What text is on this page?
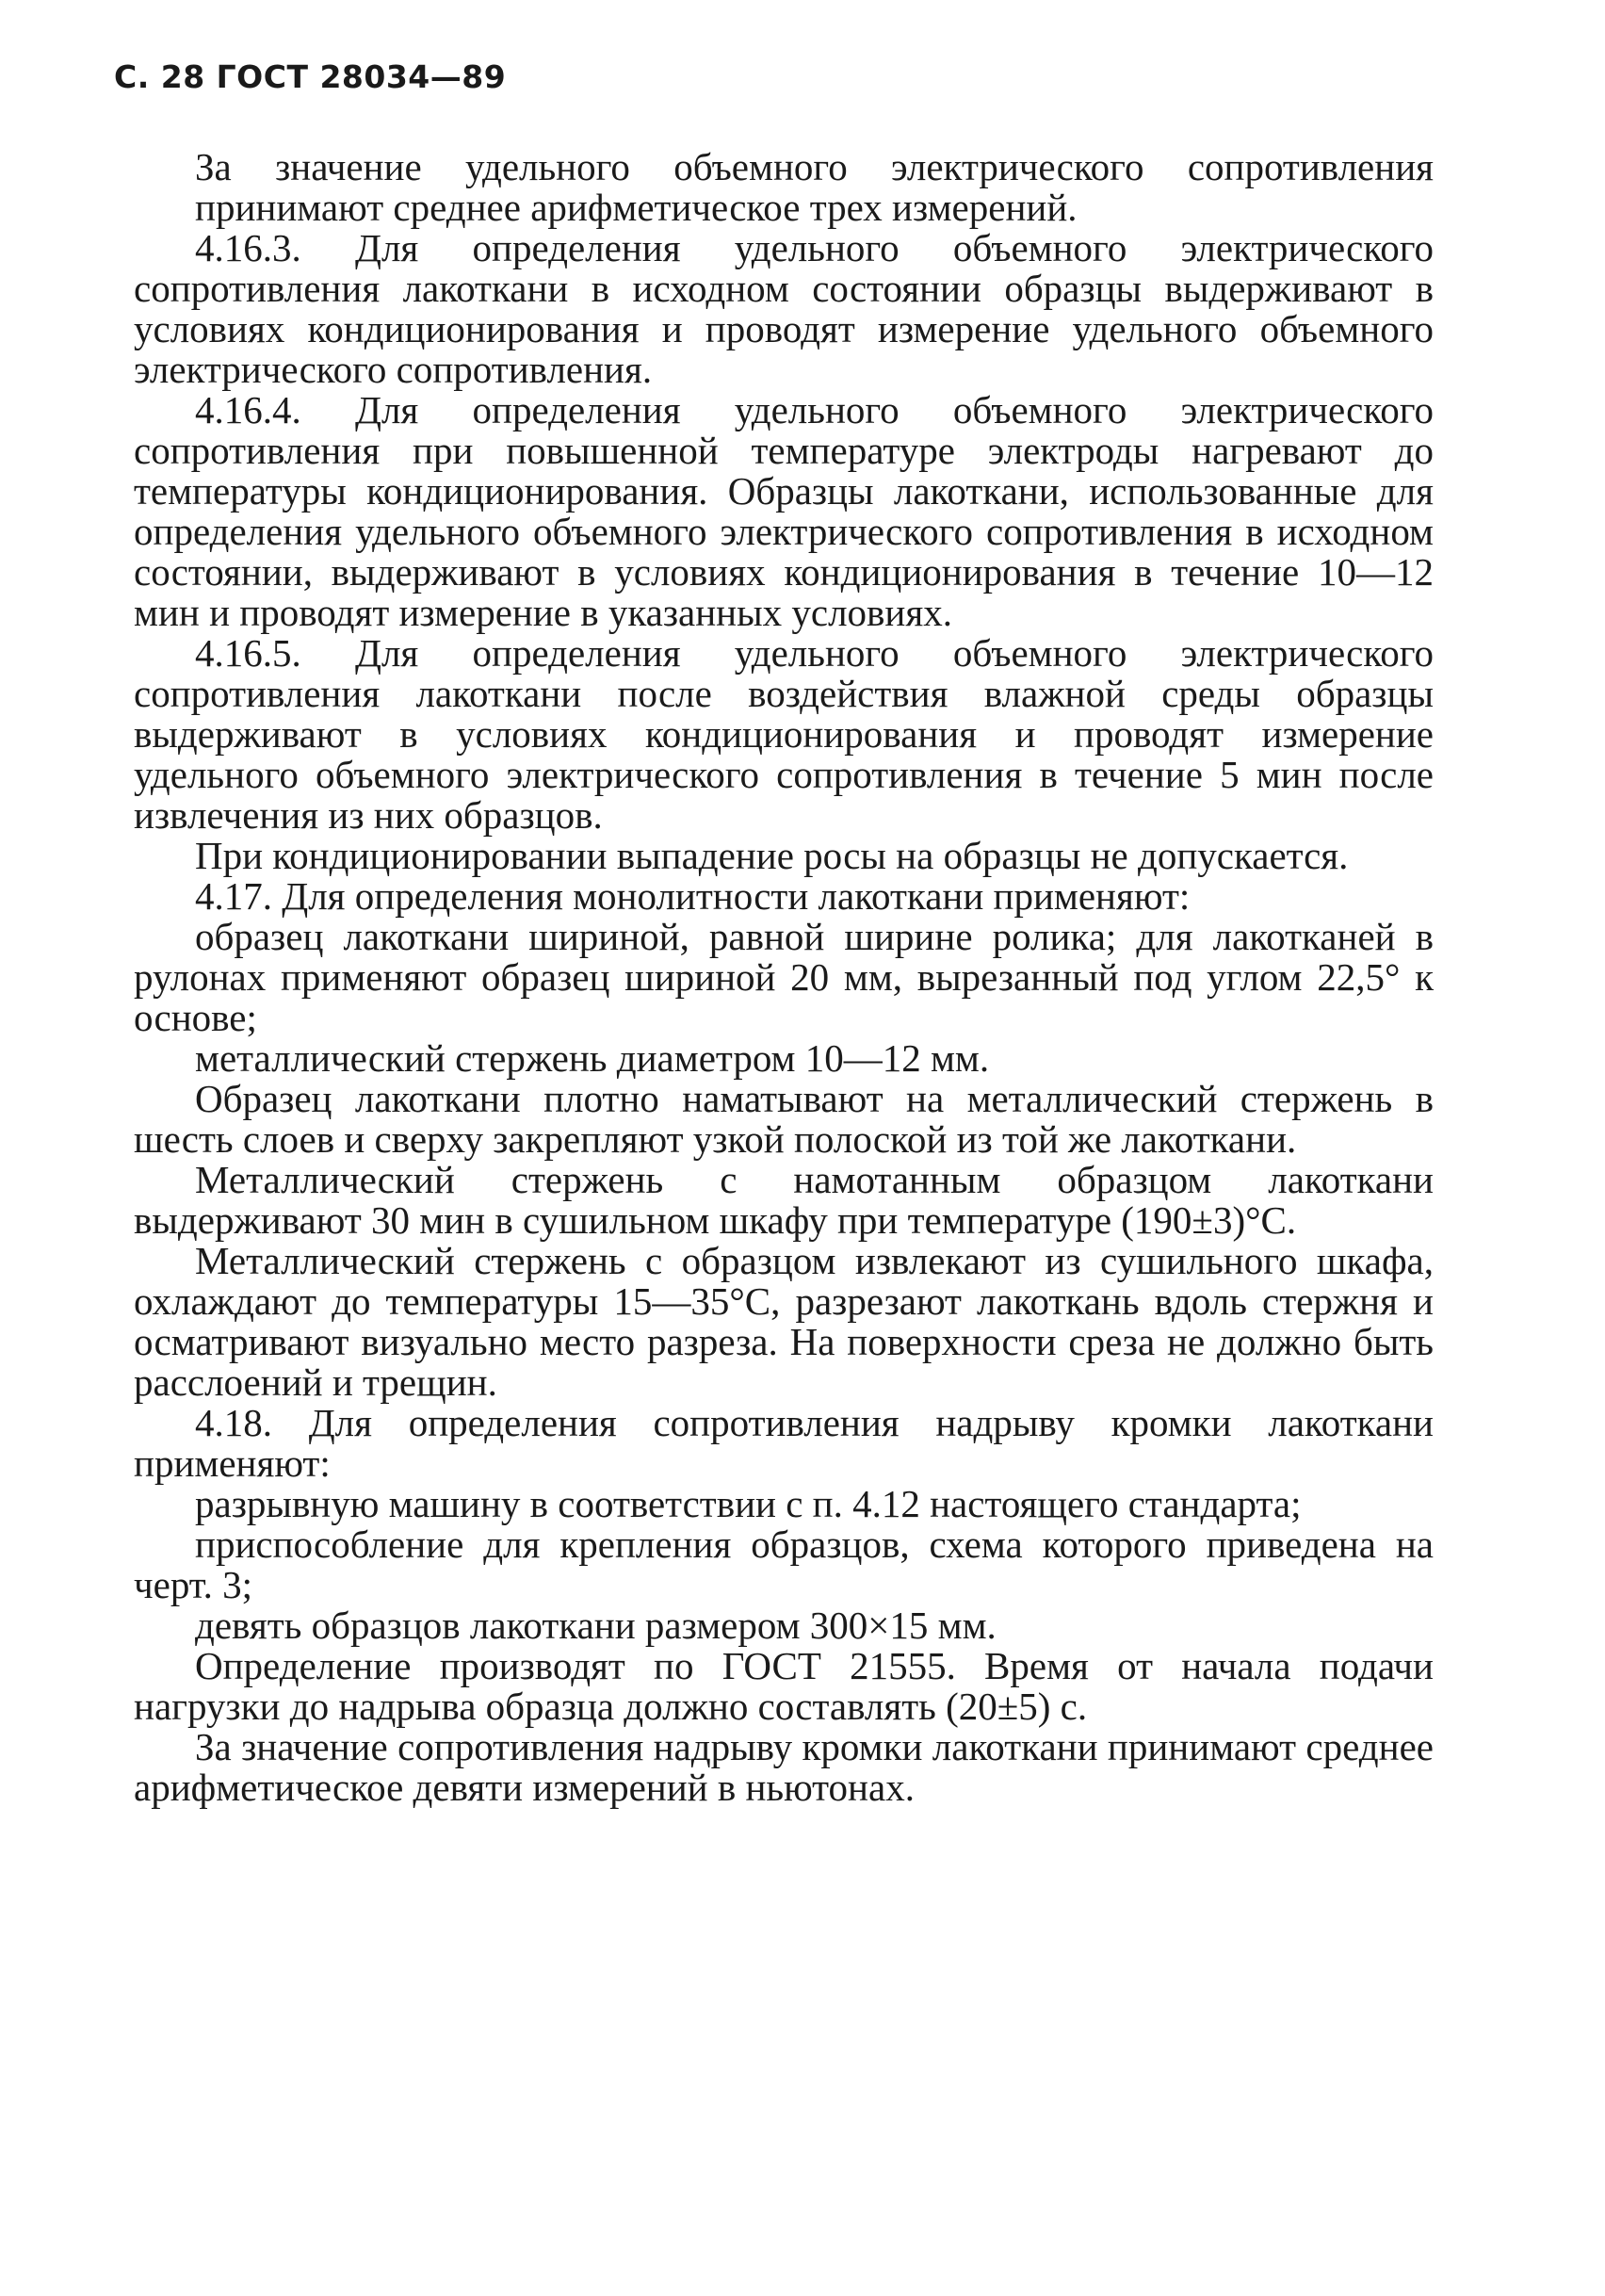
С. 28 ГОСТ 28034—89

За значение удельного объемного электрического сопротивления принимают среднее арифметическое трех измерений.

4.16.3. Для определения удельного объемного электрического сопротивления лакоткани в исходном состоянии образцы выдерживают в условиях кондиционирования и проводят измерение удельного объемного электрического сопротивления.

4.16.4. Для определения удельного объемного электрического сопротивления при повышенной температуре электроды нагревают до температуры кондиционирования. Образцы лакоткани, использованные для определения удельного объемного электрического сопротивления в исходном состоянии, выдерживают в условиях кондиционирования в течение 10—12 мин и проводят измерение в указанных условиях.

4.16.5. Для определения удельного объемного электрического сопротивления лакоткани после воздействия влажной среды образцы выдерживают в условиях кондиционирования и проводят измерение удельного объемного электрического сопротивления в течение 5 мин после извлечения из них образцов.

При кондиционировании выпадение росы на образцы не допускается.

4.17. Для определения монолитности лакоткани применяют:

образец лакоткани шириной, равной ширине ролика; для лакотканей в рулонах применяют образец шириной 20 мм, вырезанный под углом 22,5° к основе;

металлический стержень диаметром 10—12 мм.

Образец лакоткани плотно наматывают на металлический стержень в шесть слоев и сверху закрепляют узкой полоской из той же лакоткани.

Металлический стержень с намотанным образцом лакоткани выдерживают 30 мин в сушильном шкафу при температуре (190±3)°С.

Металлический стержень с образцом извлекают из сушильного шкафа, охлаждают до температуры 15—35°С, разрезают лакоткань вдоль стержня и осматривают визуально место разреза. На поверхности среза не должно быть расслоений и трещин.

4.18. Для определения сопротивления надрыву кромки лакоткани применяют:

разрывную машину в соответствии с п. 4.12 настоящего стандарта;

приспособление для крепления образцов, схема которого приведена на черт. 3;

девять образцов лакоткани размером 300×15 мм.

Определение производят по ГОСТ 21555. Время от начала подачи нагрузки до надрыва образца должно составлять (20±5) с.

За значение сопротивления надрыву кромки лакоткани принимают среднее арифметическое девяти измерений в ньютонах.
